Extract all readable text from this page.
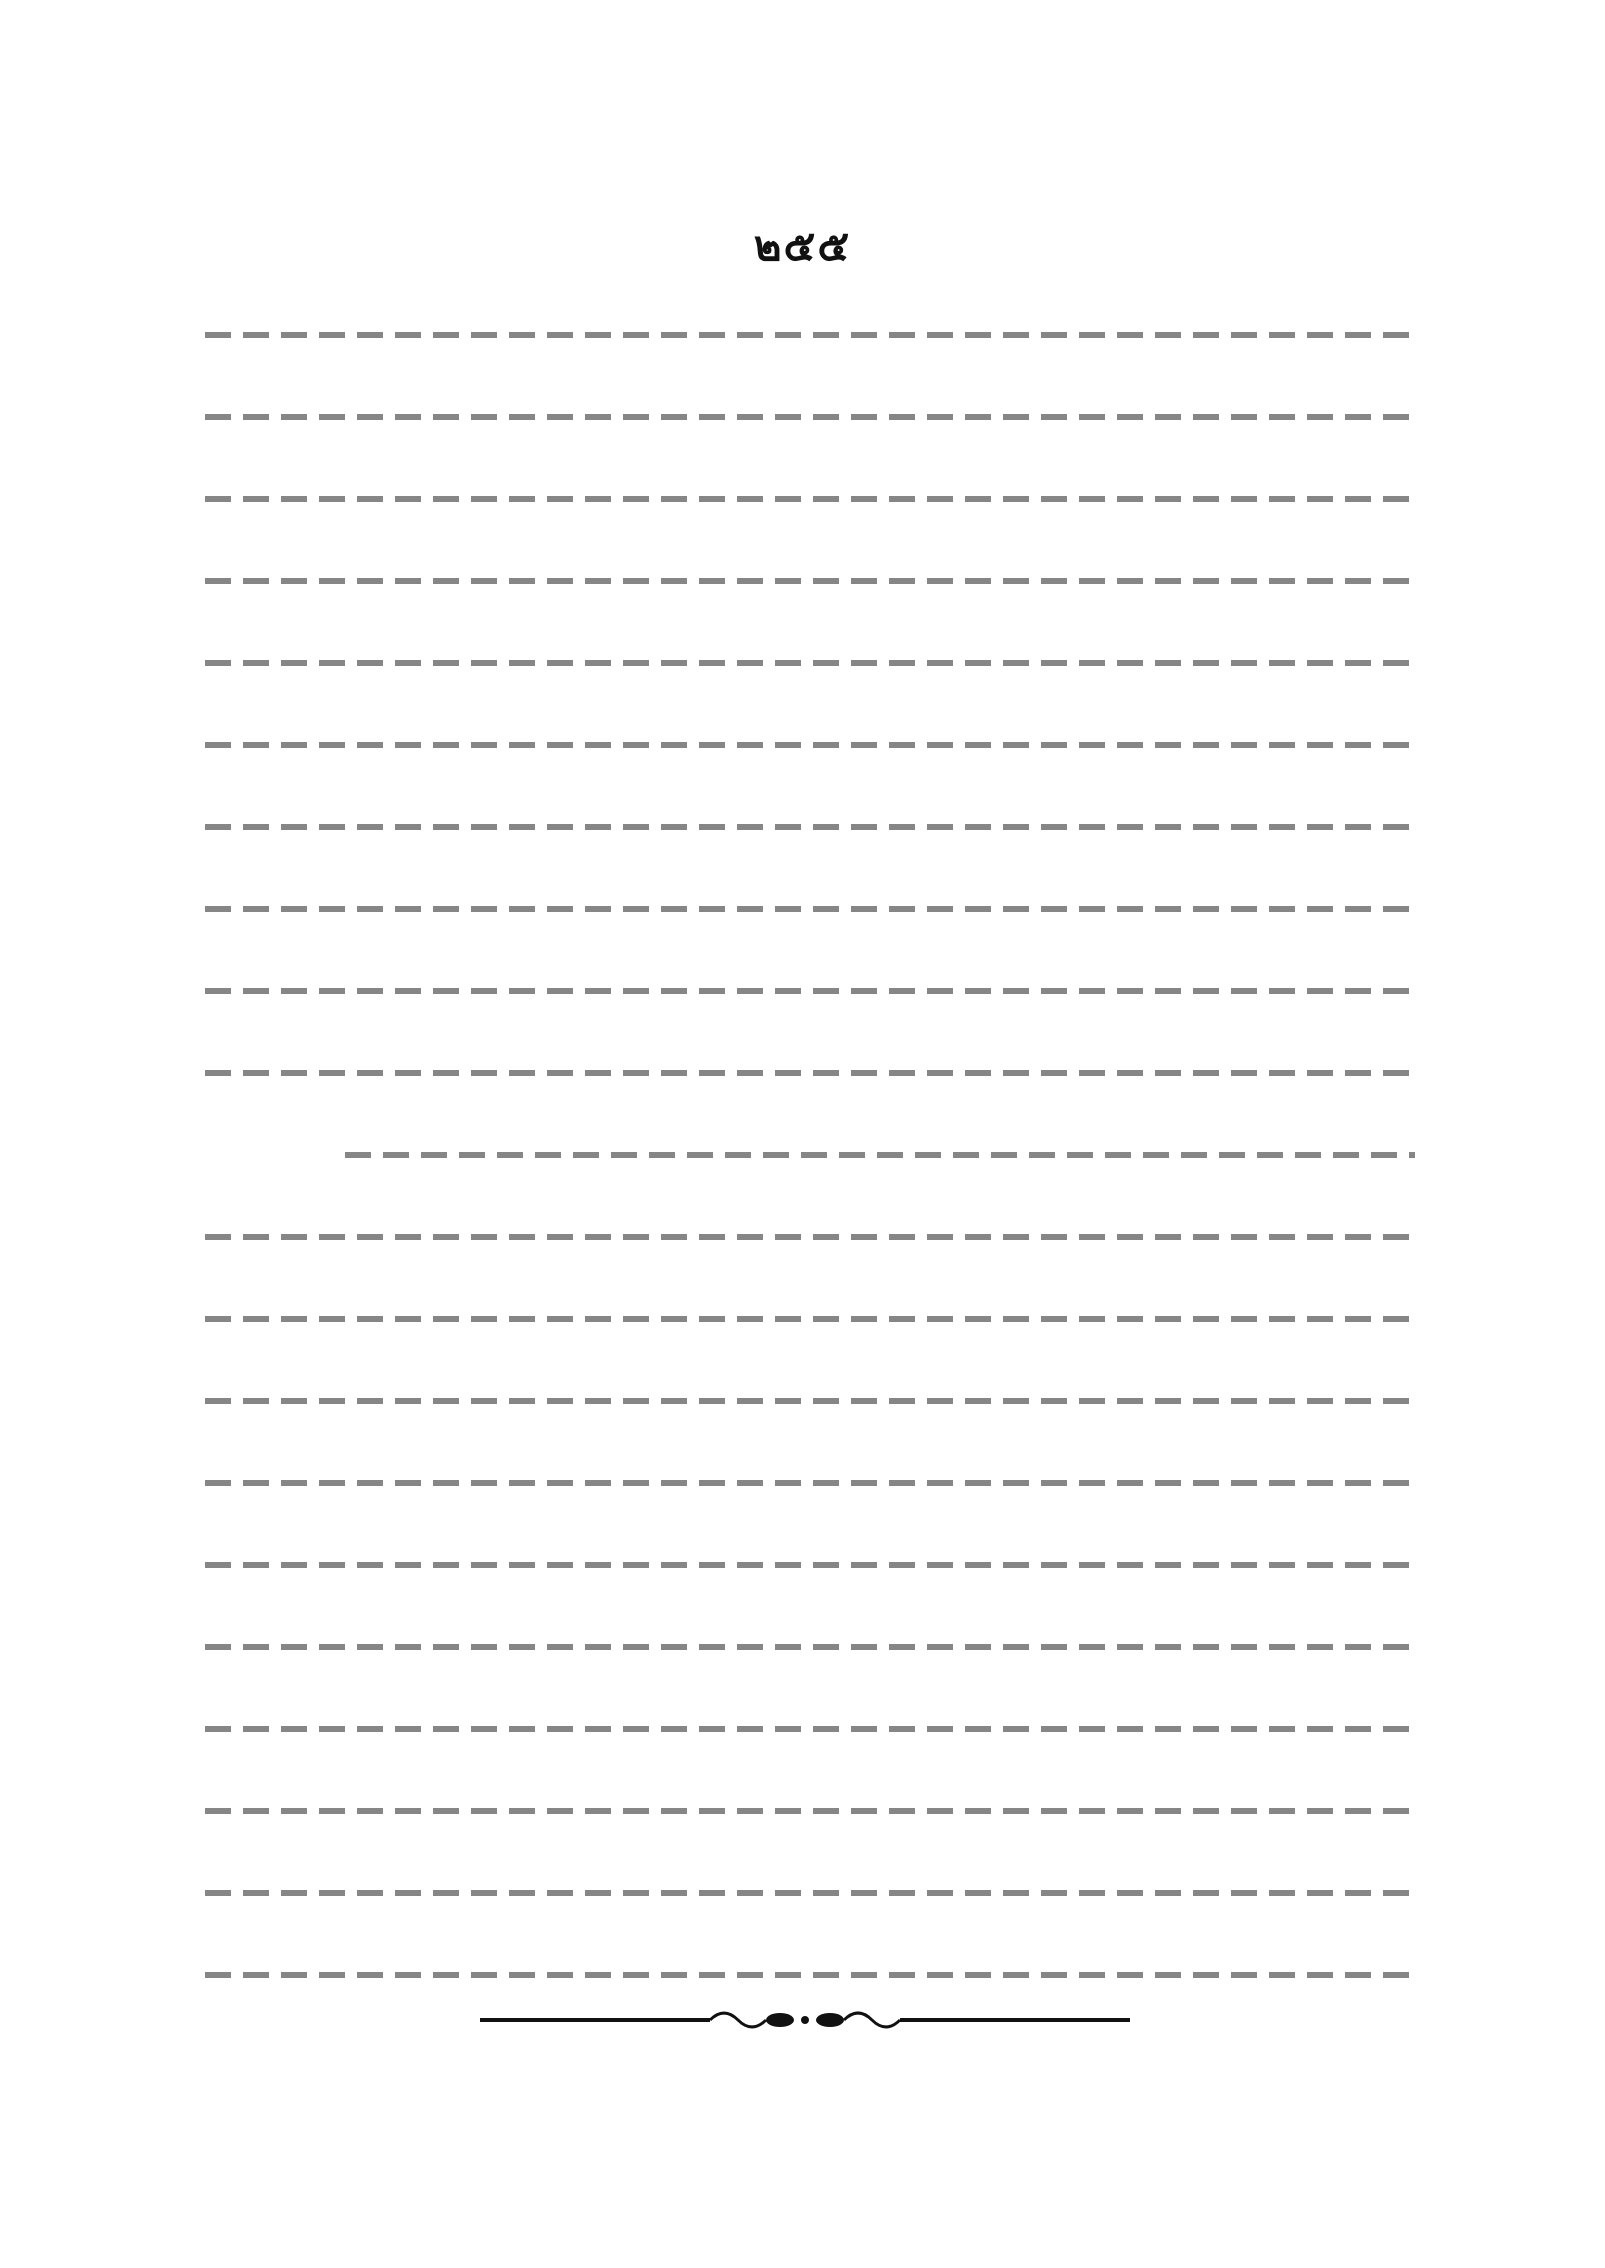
๒๕๕
